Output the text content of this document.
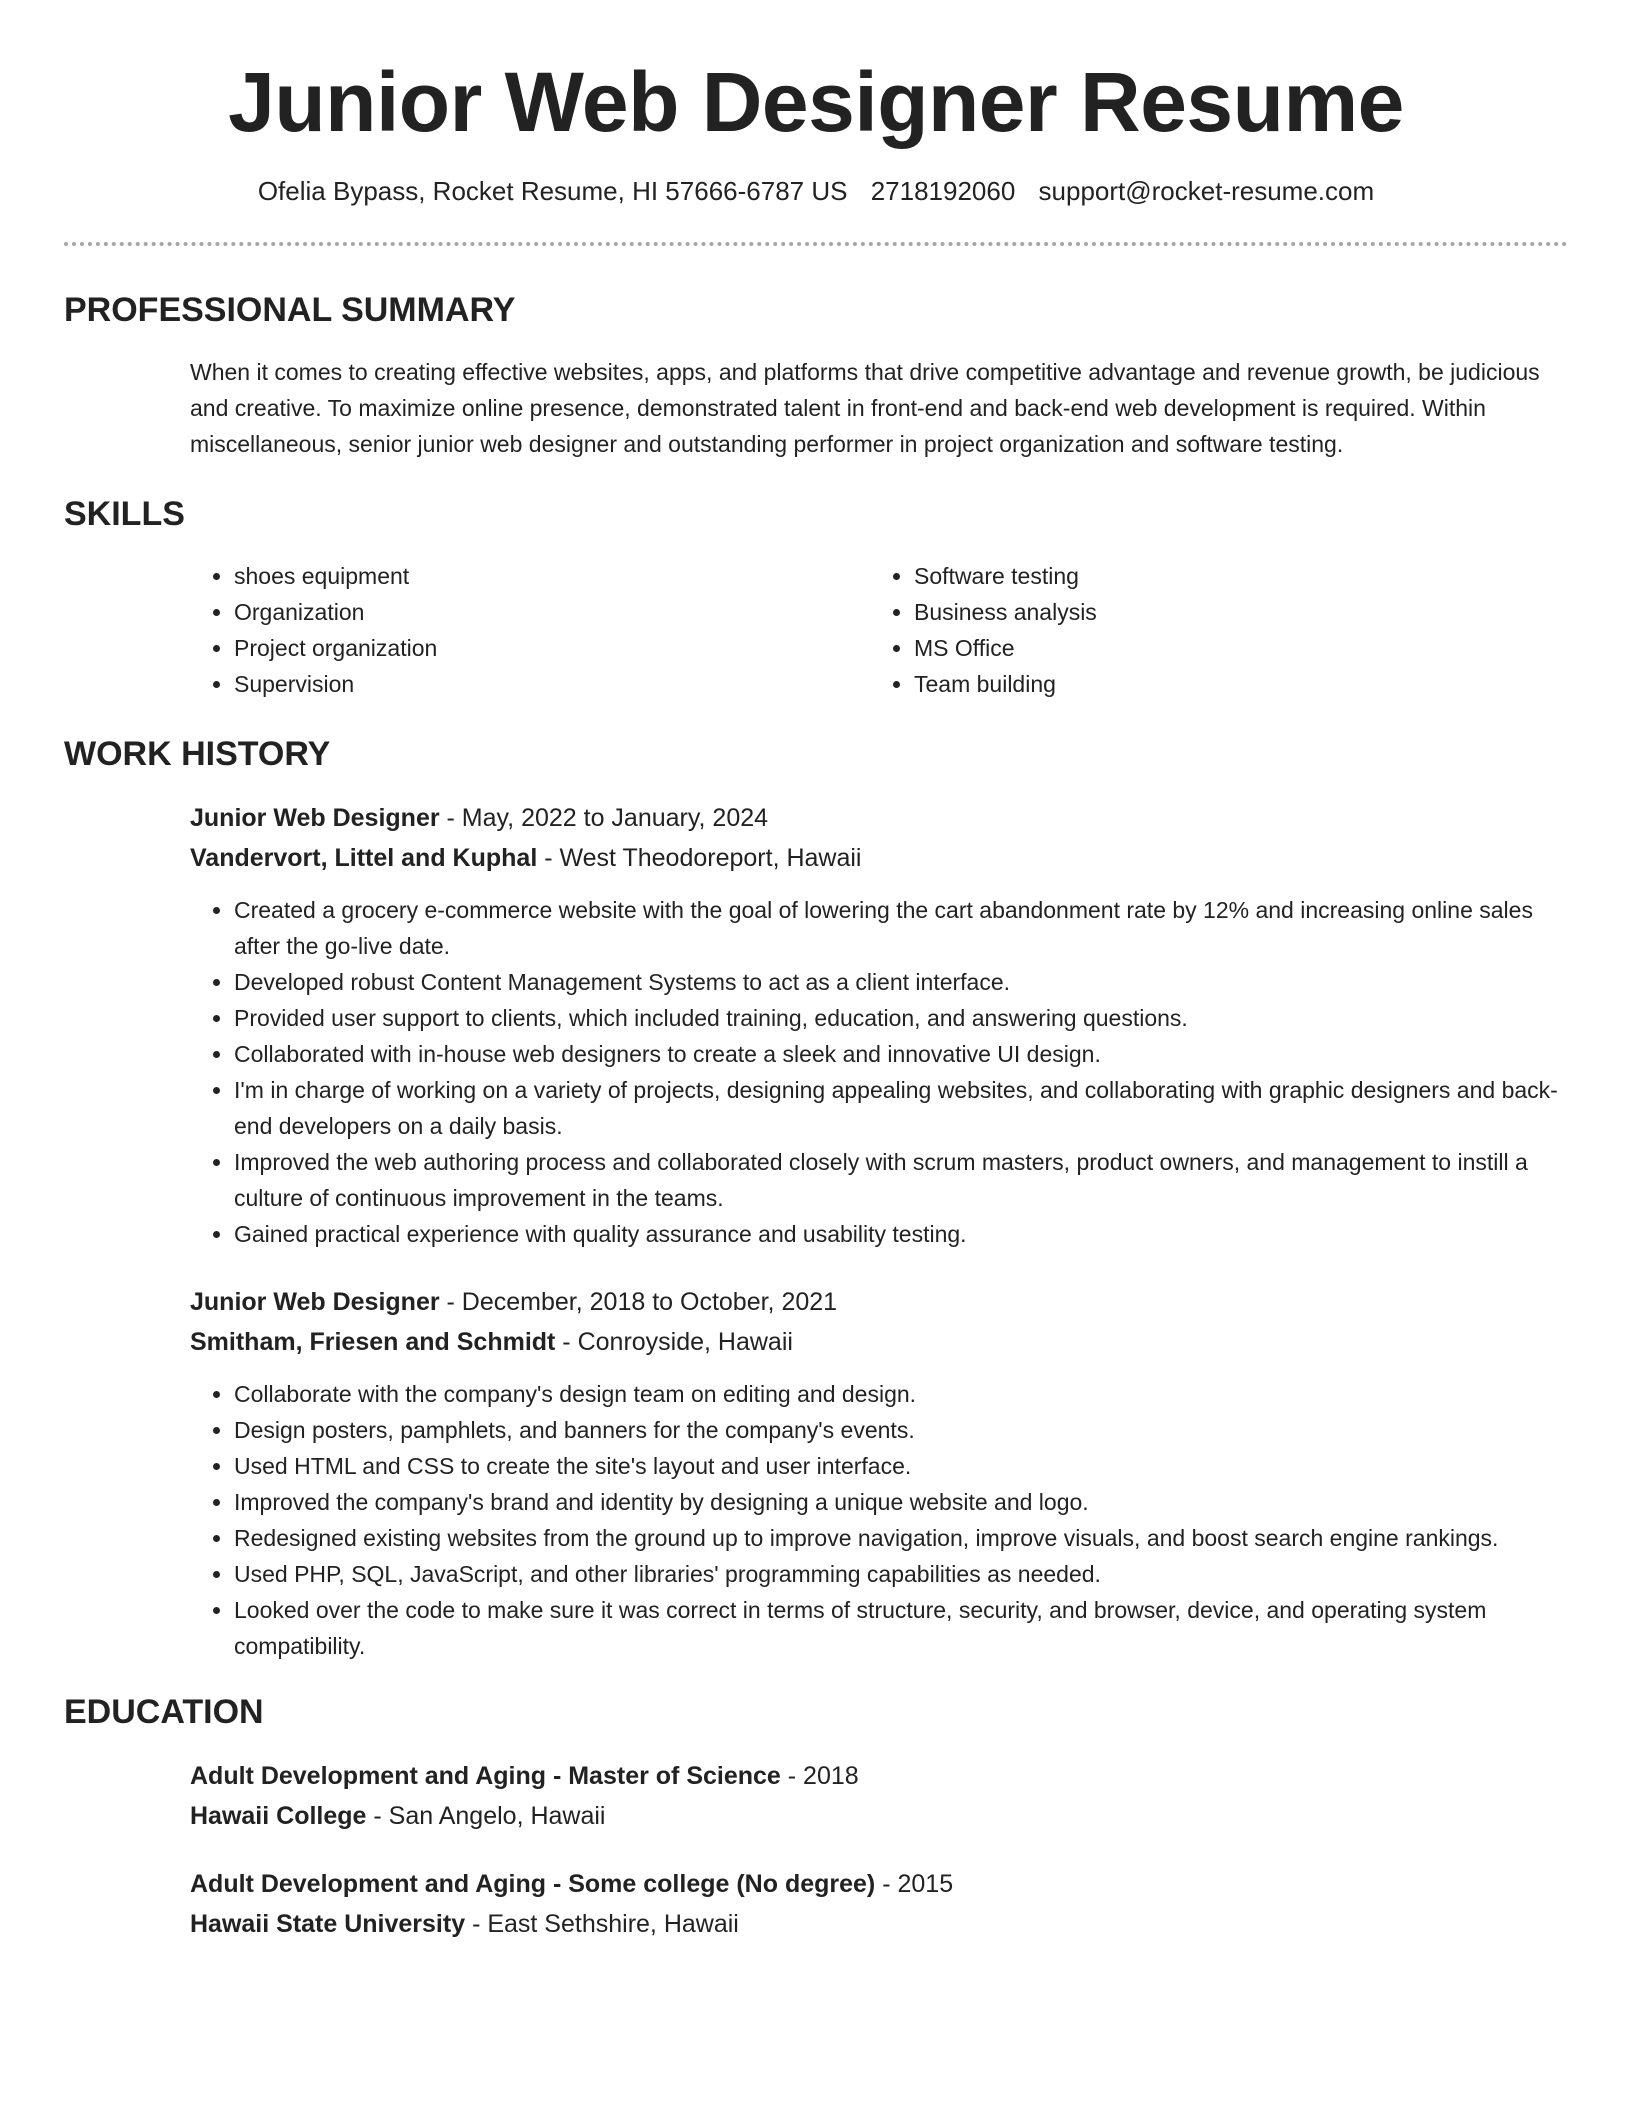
Junior Web Designer Resume
Ofelia Bypass, Rocket Resume, HI 57666-6787 US 2718192060 support@rocket-resume.com
PROFESSIONAL SUMMARY

When it comes to creating effective websites, apps, and platforms that drive competitive advantage and revenue growth, be judicious and creative. To maximize online presence, demonstrated talent in front-end and back-end web development is required. Within miscellaneous, senior junior web designer and outstanding performer in project organization and software testing.

SKILLS
• shoes equipment
• Organization
• Project organization
• Supervision
• Software testing
• Business analysis
• MS Office
• Team building
WORK HISTORY
Junior Web Designer - May, 2022 to January, 2024
Vandervort, Littel and Kuphal - West Theodoreport, Hawaii
• Created a grocery e-commerce website with the goal of lowering the cart abandonment rate by 12% and increasing online sales after the go-live date.
• Developed robust Content Management Systems to act as a client interface.
• Provided user support to clients, which included training, education, and answering questions.
• Collaborated with in-house web designers to create a sleek and innovative UI design.
• I'm in charge of working on a variety of projects, designing appealing websites, and collaborating with graphic designers and back-end developers on a daily basis.
• Improved the web authoring process and collaborated closely with scrum masters, product owners, and management to instill a culture of continuous improvement in the teams.
• Gained practical experience with quality assurance and usability testing.
Junior Web Designer - December, 2018 to October, 2021
Smitham, Friesen and Schmidt - Conroyside, Hawaii
• Collaborate with the company's design team on editing and design.
• Design posters, pamphlets, and banners for the company's events.
• Used HTML and CSS to create the site's layout and user interface.
• Improved the company's brand and identity by designing a unique website and logo.
• Redesigned existing websites from the ground up to improve navigation, improve visuals, and boost search engine rankings.
• Used PHP, SQL, JavaScript, and other libraries' programming capabilities as needed.
• Looked over the code to make sure it was correct in terms of structure, security, and browser, device, and operating system compatibility.
EDUCATION
Adult Development and Aging - Master of Science - 2018
Hawaii College - San Angelo, Hawaii
Adult Development and Aging - Some college (No degree) - 2015
Hawaii State University - East Sethshire, Hawaii
